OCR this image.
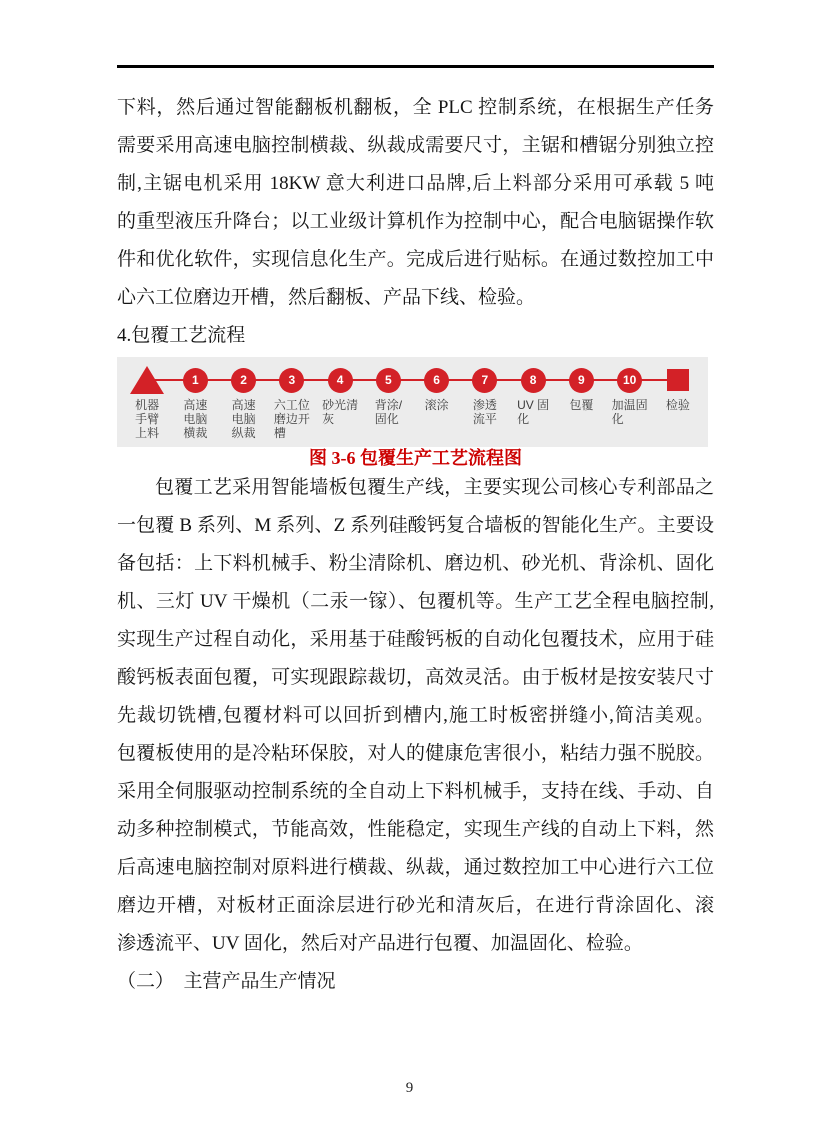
下料，然后通过智能翻板机翻板，全 PLC 控制系统，在根据生产任务
需要采用高速电脑控制横裁、纵裁成需要尺寸，主锯和槽锯分别独立控
制,主锯电机采用 18KW 意大利进口品牌,后上料部分采用可承载 5 吨
的重型液压升降台；以工业级计算机作为控制中心，配合电脑锯操作软
件和优化软件，实现信息化生产。完成后进行贴标。在通过数控加工中
心六工位磨边开槽，然后翻板、产品下线、检验。
4.包覆工艺流程
机器
手臂
上料
1
高速
电脑
横裁
2
高速
电脑
纵裁
3
六工位
磨边开
槽
4
砂光清
灰
5
背涂/
固化
6
滚涂
7
渗透
流平
8
UV 固
化
9
包覆
10
加温固
化
检验
图 3-6 包覆生产工艺流程图
包覆工艺采用智能墙板包覆生产线，主要实现公司核心专利部品之
一包覆 B 系列、M 系列、Z 系列硅酸钙复合墙板的智能化生产。主要设
备包括：上下料机械手、粉尘清除机、磨边机、砂光机、背涂机、固化
机、三灯 UV 干燥机（二汞一镓）、包覆机等。生产工艺全程电脑控制,
实现生产过程自动化，采用基于硅酸钙板的自动化包覆技术，应用于硅
酸钙板表面包覆，可实现跟踪裁切，高效灵活。由于板材是按安装尺寸
先裁切铣槽,包覆材料可以回折到槽内,施工时板密拼缝小,简洁美观。
包覆板使用的是冷粘环保胶，对人的健康危害很小，粘结力强不脱胶。
采用全伺服驱动控制系统的全自动上下料机械手，支持在线、手动、自
动多种控制模式，节能高效，性能稳定，实现生产线的自动上下料，然
后高速电脑控制对原料进行横裁、纵裁，通过数控加工中心进行六工位
磨边开槽，对板材正面涂层进行砂光和清灰后，在进行背涂固化、滚
渗透流平、UV 固化，然后对产品进行包覆、加温固化、检验。
（二）　主营产品生产情况
9
